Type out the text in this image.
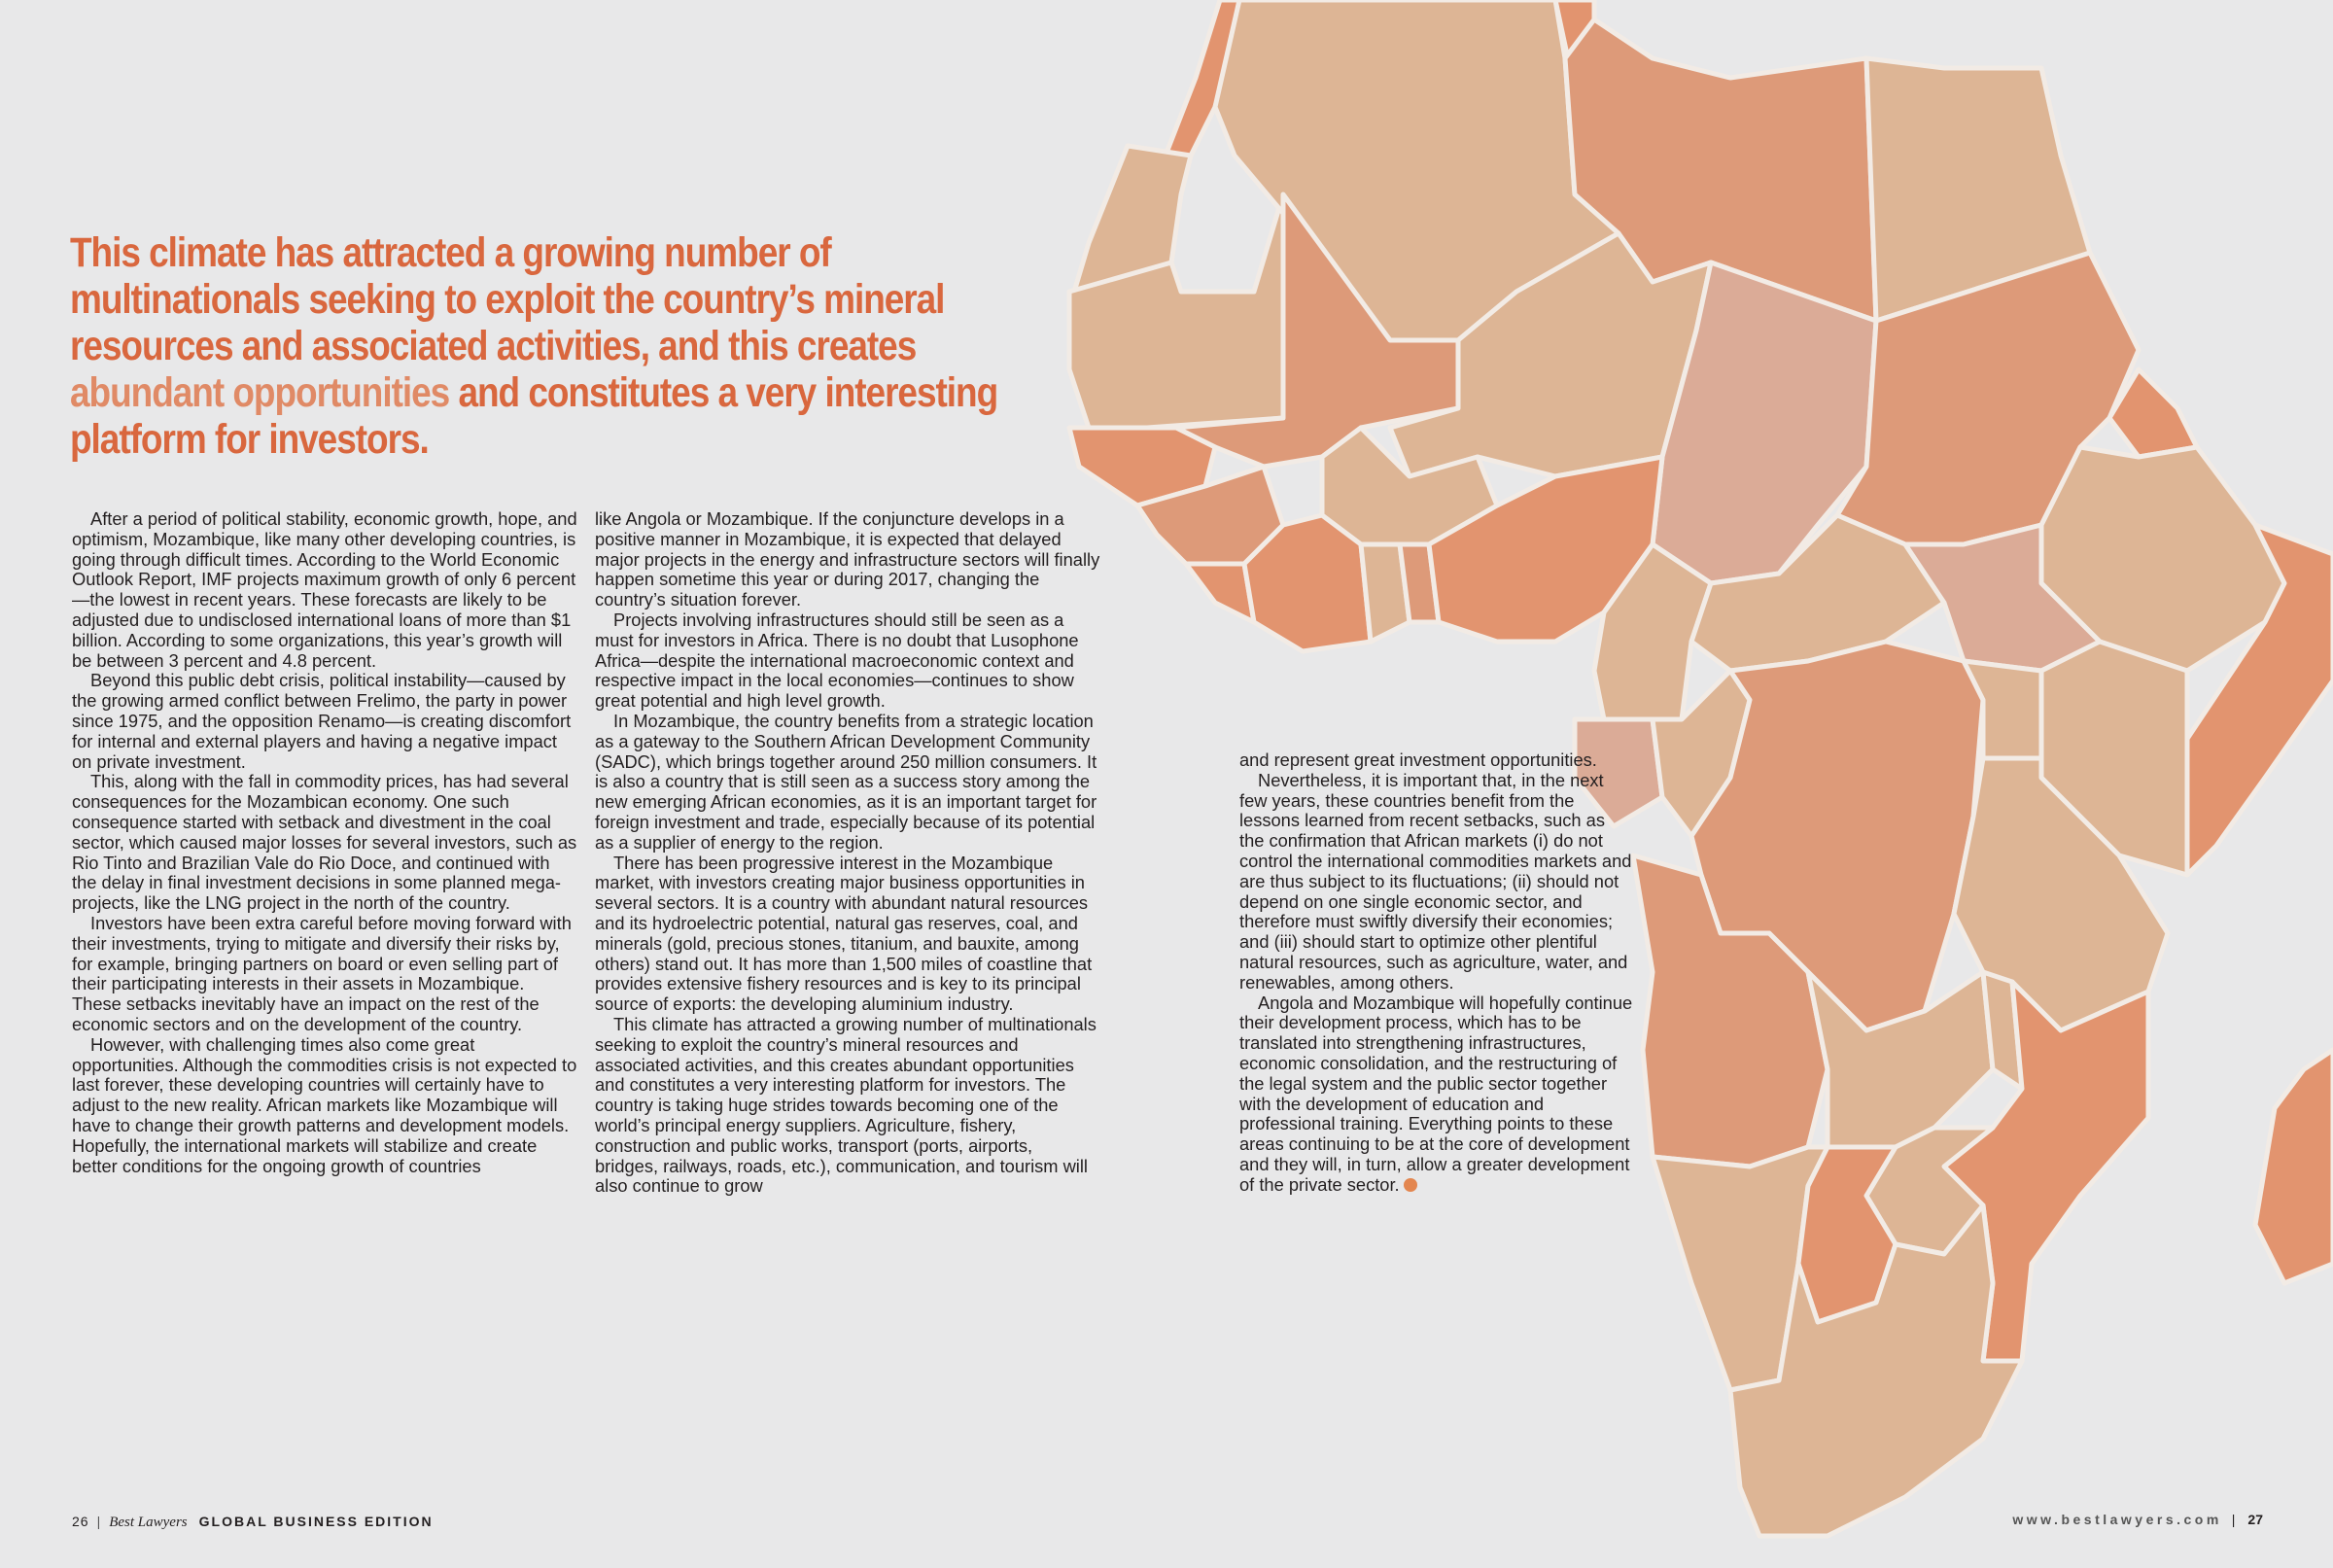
This climate has attracted a growing number of multinationals seeking to exploit the country’s mineral resources and associated activities, and this creates abundant opportunities and constitutes a very interesting platform for investors.

After a period of political stability, economic growth, hope, and optimism, Mozambique, like many other developing countries, is going through difficult times. According to the World Economic Outlook Report, IMF projects maximum growth of only 6 percent—the lowest in recent years. These forecasts are likely to be adjusted due to undisclosed international loans of more than $1 billion. According to some organizations, this year’s growth will be between 3 percent and 4.8 percent.

Beyond this public debt crisis, political instability—caused by the growing armed conflict between Frelimo, the party in power since 1975, and the opposition Renamo—is creating discomfort for internal and external players and having a negative impact on private investment.

This, along with the fall in commodity prices, has had several consequences for the Mozambican economy. One such consequence started with setback and divestment in the coal sector, which caused major losses for several investors, such as Rio Tinto and Brazilian Vale do Rio Doce, and continued with the delay in final investment decisions in some planned mega-projects, like the LNG project in the north of the country.

Investors have been extra careful before moving forward with their investments, trying to mitigate and diversify their risks by, for example, bringing partners on board or even selling part of their participating interests in their assets in Mozambique. These setbacks inevitably have an impact on the rest of the economic sectors and on the development of the country.

However, with challenging times also come great opportunities. Although the commodities crisis is not expected to last forever, these developing countries will certainly have to adjust to the new reality. African markets like Mozambique will have to change their growth patterns and development models. Hopefully, the international markets will stabilize and create better conditions for the ongoing growth of countries

like Angola or Mozambique. If the conjuncture develops in a positive manner in Mozambique, it is expected that delayed major projects in the energy and infrastructure sectors will finally happen sometime this year or during 2017, changing the country’s situation forever.

Projects involving infrastructures should still be seen as a must for investors in Africa. There is no doubt that Lusophone Africa—despite the international macroeconomic context and respective impact in the local economies—continues to show great potential and high level growth.

In Mozambique, the country benefits from a strategic location as a gateway to the Southern African Development Community (SADC), which brings together around 250 million consumers. It is also a country that is still seen as a success story among the new emerging African economies, as it is an important target for foreign investment and trade, especially because of its potential as a supplier of energy to the region.

There has been progressive interest in the Mozambique market, with investors creating major business opportunities in several sectors. It is a country with abundant natural resources and its hydroelectric potential, natural gas reserves, coal, and minerals (gold, precious stones, titanium, and bauxite, among others) stand out. It has more than 1,500 miles of coastline that provides extensive fishery resources and is key to its principal source of exports: the developing aluminium industry.

This climate has attracted a growing number of multinationals seeking to exploit the country’s mineral resources and associated activities, and this creates abundant opportunities and constitutes a very interesting platform for investors. The country is taking huge strides towards becoming one of the world’s principal energy suppliers. Agriculture, fishery, construction and public works, transport (ports, airports, bridges, railways, roads, etc.), communication, and tourism will also continue to grow

and represent great investment opportunities.

Nevertheless, it is important that, in the next few years, these countries benefit from the lessons learned from recent setbacks, such as the confirmation that African markets (i) do not control the international commodities markets and are thus subject to its fluctuations; (ii) should not depend on one single economic sector, and therefore must swiftly diversify their economies; and (iii) should start to optimize other plentiful natural resources, such as agriculture, water, and renewables, among others.

Angola and Mozambique will hopefully continue their development process, which has to be translated into strengthening infrastructures, economic consolidation, and the restructuring of the legal system and the public sector together with the development of education and professional training. Everything points to these areas continuing to be at the core of development and they will, in turn, allow a greater development of the private sector.

26 | Best Lawyers GLOBAL BUSINESS EDITION	www.bestlawyers.com | 27
